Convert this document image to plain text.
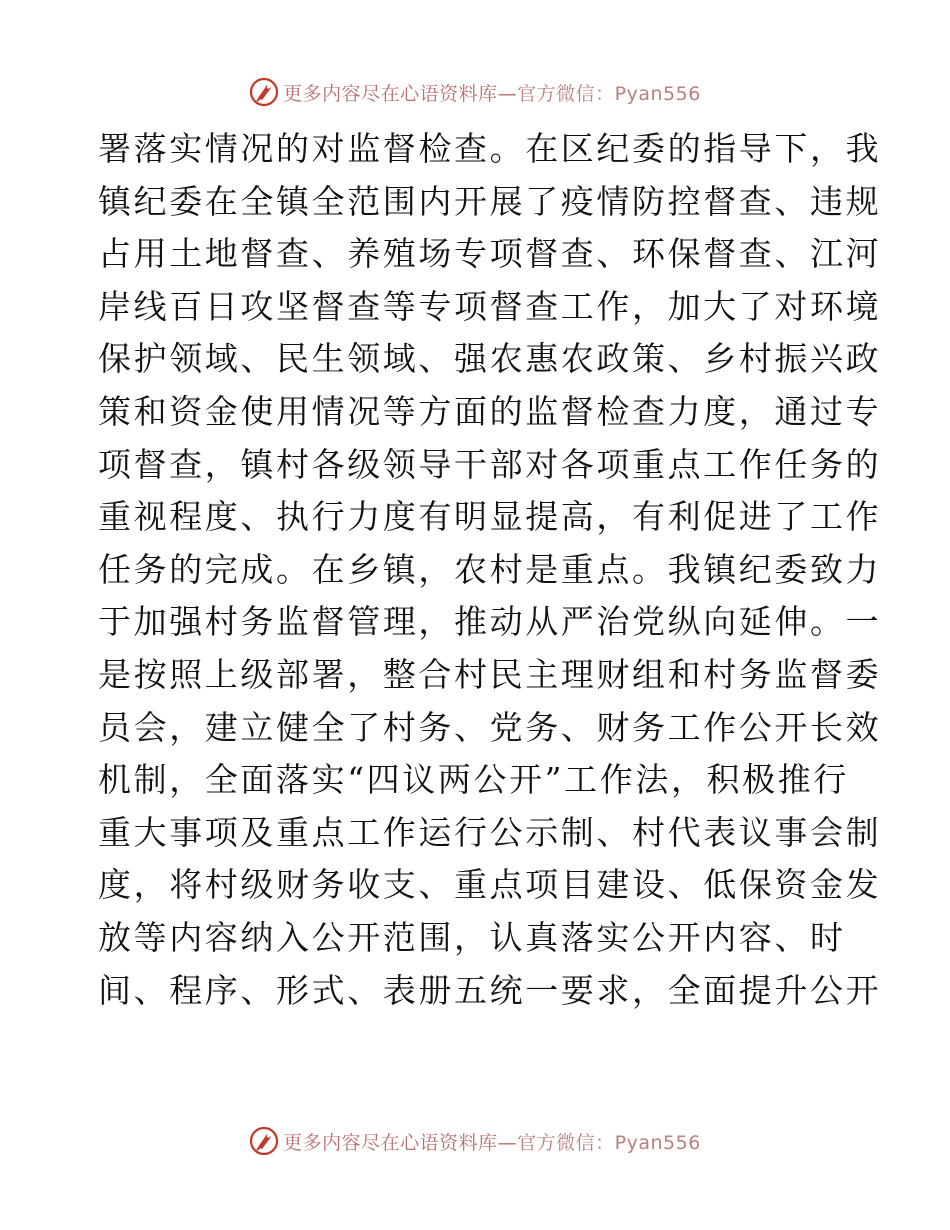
更多内容尽在心语资料库—官方微信：Pyan556
署落实情况的对监督检查。在区纪委的指导下，我
镇纪委在全镇全范围内开展了疫情防控督查、违规
占用土地督查、养殖场专项督查、环保督查、江河
岸线百日攻坚督查等专项督查工作，加大了对环境
保护领域、民生领域、强农惠农政策、乡村振兴政
策和资金使用情况等方面的监督检查力度，通过专
项督查，镇村各级领导干部对各项重点工作任务的
重视程度、执行力度有明显提高，有利促进了工作
任务的完成。在乡镇，农村是重点。我镇纪委致力
于加强村务监督管理，推动从严治党纵向延伸。一
是按照上级部署，整合村民主理财组和村务监督委
员会，建立健全了村务、党务、财务工作公开长效
机制，全面落实“四议两公开”工作法，积极推行
重大事项及重点工作运行公示制、村代表议事会制
度，将村级财务收支、重点项目建设、低保资金发
放等内容纳入公开范围，认真落实公开内容、时
间、程序、形式、表册五统一要求，全面提升公开
更多内容尽在心语资料库—官方微信：Pyan556
